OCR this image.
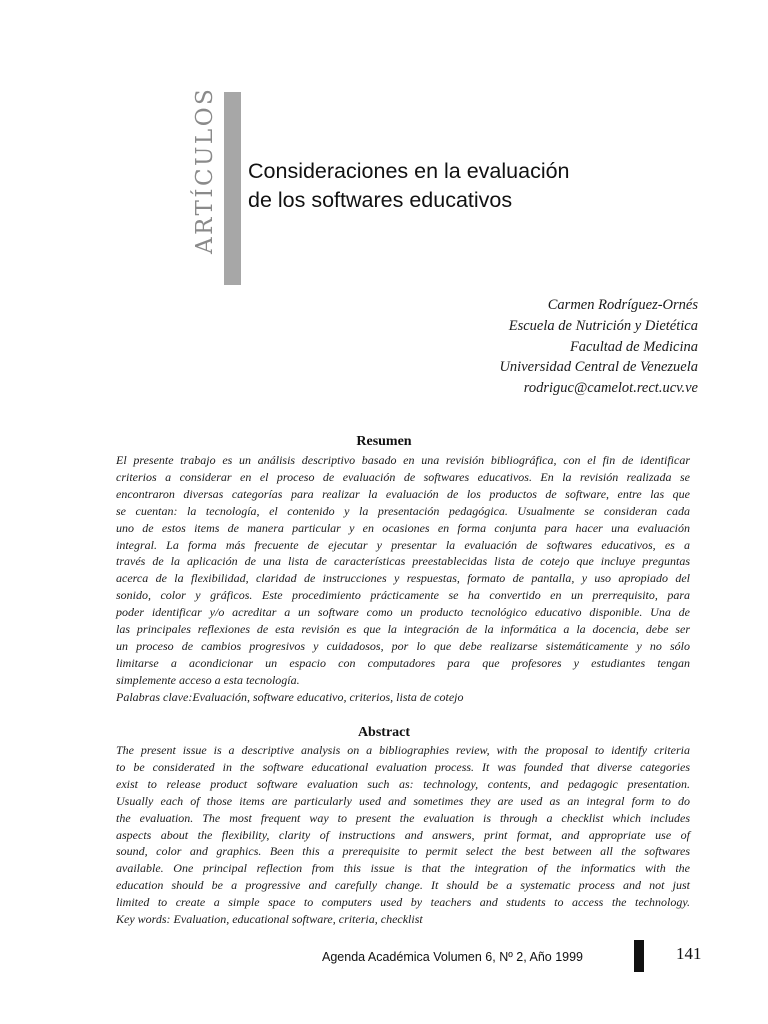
ARTÍCULOS Consideraciones en la evaluación
de los softwares educativos
Carmen Rodríguez-Ornés
Escuela de Nutrición y Dietética
Facultad de Medicina
Universidad Central de Venezuela
rodriguc@camelot.rect.ucv.ve
Resumen
El presente trabajo es un análisis descriptivo basado en una revisión bibliográfica, con el fin de identificar
criterios a considerar en el proceso de evaluación de softwares educativos. En la revisión realizada se
encontraron diversas categorías para realizar la evaluación de los productos de software, entre las que
se cuentan: la tecnología, el contenido y la presentación pedagógica. Usualmente se consideran cada
uno de estos items de manera particular y en ocasiones en forma conjunta para hacer una evaluación
integral. La forma más frecuente de ejecutar y presentar la evaluación de softwares educativos, es a
través de la aplicación de una lista de características preestablecidas lista de cotejo que incluye preguntas
acerca de la flexibilidad, claridad de instrucciones y respuestas, formato de pantalla, y uso apropiado del
sonido, color y gráficos. Este procedimiento prácticamente se ha convertido en un prerrequisito, para
poder identificar y/o acreditar a un software como un producto tecnológico educativo disponible. Una de
las principales reflexiones de esta revisión es que la integración de la informática a la docencia, debe ser
un proceso de cambios progresivos y cuidadosos, por lo que debe realizarse sistemáticamente y no sólo
limitarse a acondicionar un espacio con computadores para que profesores y estudiantes tengan
simplemente acceso a esta tecnología.
Palabras clave:Evaluación, software educativo, criterios, lista de cotejo
Abstract
The present issue is a descriptive analysis on a bibliographies review, with the proposal to identify criteria
to be considerated in the software educational evaluation process. It was founded that diverse categories
exist to release product software evaluation such as: technology, contents, and pedagogic presentation.
Usually each of those items are particularly used and sometimes they are used as an integral form to do
the evaluation. The most frequent way to present the evaluation is through a checklist which includes
aspects about the flexibility, clarity of instructions and answers, print format, and appropriate use of
sound, color and graphics. Been this a prerequisite to permit select the best between all the softwares
available. One principal reflection from this issue is that the integration of the informatics with the
education should be a progressive and carefully change. It should be a systematic process and not just
limited to create a simple space to computers used by teachers and students to access the technology.
Key words: Evaluation, educational software, criteria, checklist
Agenda Académica Volumen 6, Nº 2, Año 1999	141
